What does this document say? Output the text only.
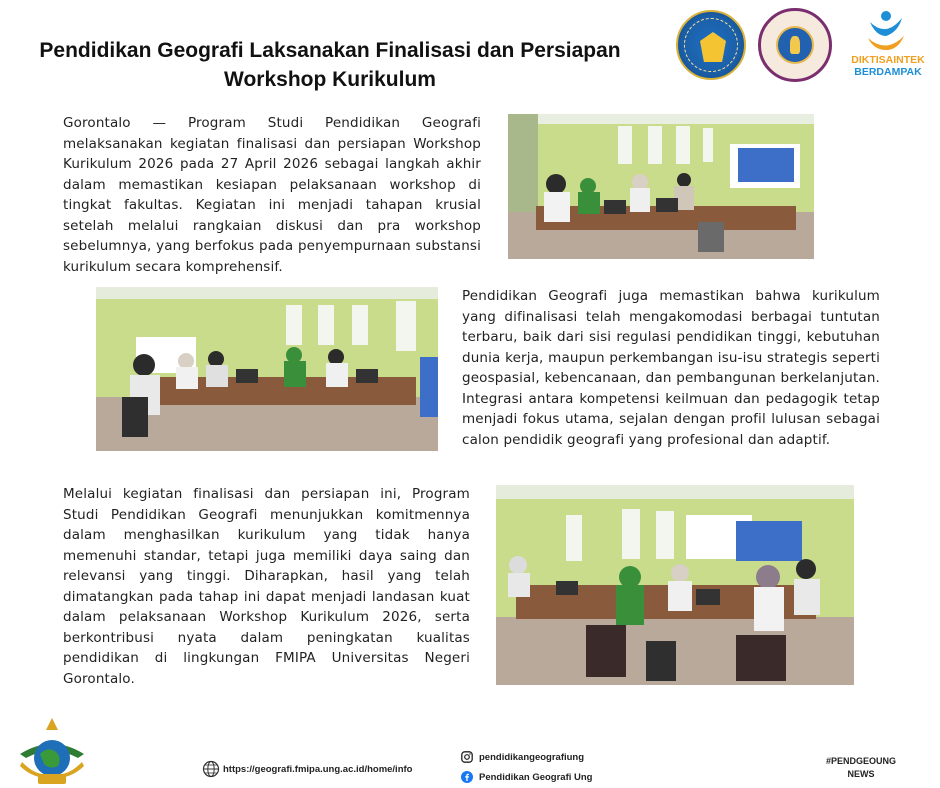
Pendidikan Geografi Laksanakan Finalisasi dan Persiapan
Workshop Kurikulum
DIKTISAINTEK
BERDAMPAK

Gorontalo — Program Studi Pendidikan Geografi melaksanakan kegiatan finalisasi dan persiapan Workshop Kurikulum 2026 pada 27 April 2026 sebagai langkah akhir dalam memastikan kesiapan pelaksanaan workshop di tingkat fakultas. Kegiatan ini menjadi tahapan krusial setelah melalui rangkaian diskusi dan pra workshop sebelumnya, yang berfokus pada penyempurnaan substansi kurikulum secara komprehensif.

Pendidikan Geografi juga memastikan bahwa kurikulum yang difinalisasi telah mengakomodasi berbagai tuntutan terbaru, baik dari sisi regulasi pendidikan tinggi, kebutuhan dunia kerja, maupun perkembangan isu-isu strategis seperti geospasial, kebencanaan, dan pembangunan berkelanjutan. Integrasi antara kompetensi keilmuan dan pedagogik tetap menjadi fokus utama, sejalan dengan profil lulusan sebagai calon pendidik geografi yang profesional dan adaptif.

Melalui kegiatan finalisasi dan persiapan ini, Program Studi Pendidikan Geografi menunjukkan komitmennya dalam menghasilkan kurikulum yang tidak hanya memenuhi standar, tetapi juga memiliki daya saing dan relevansi yang tinggi. Diharapkan, hasil yang telah dimatangkan pada tahap ini dapat menjadi landasan kuat dalam pelaksanaan Workshop Kurikulum 2026, serta berkontribusi nyata dalam peningkatan kualitas pendidikan di lingkungan FMIPA Universitas Negeri Gorontalo.

https://geografi.fmipa.ung.ac.id/home/info
pendidikangeografiung
Pendidikan Geografi Ung
#PENDGEOUNG
NEWS
